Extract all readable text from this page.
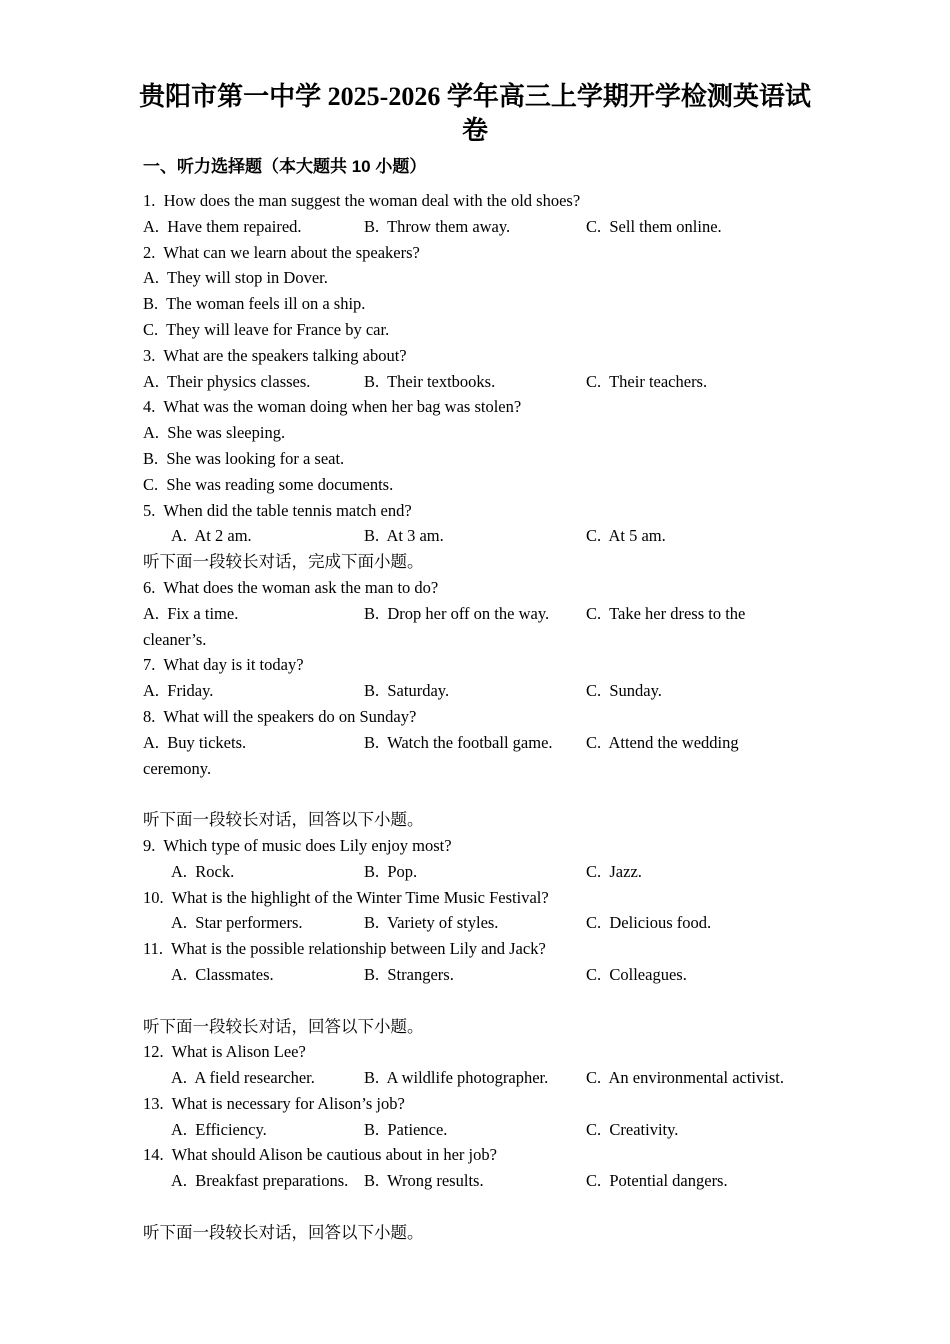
贵阳市第一中学 2025-2026 学年高三上学期开学检测英语试
卷
一、听力选择题（本大题共 10 小题）
1.  How does the man suggest the woman deal with the old shoes?
A.  Have them repaired.	B.  Throw them away.	C.  Sell them online.
2.  What can we learn about the speakers?
A.  They will stop in Dover.
B.  The woman feels ill on a ship.
C.  They will leave for France by car.
3.  What are the speakers talking about?
A.  Their physics classes.	B.  Their textbooks.	C.  Their teachers.
4.  What was the woman doing when her bag was stolen?
A.  She was sleeping.
B.  She was looking for a seat.
C.  She was reading some documents.
5.  When did the table tennis match end?
A.  At 2 am.	B.  At 3 am.	C.  At 5 am.
听下面一段较长对话，完成下面小题。
6.  What does the woman ask the man to do?
A.  Fix a time.	B.  Drop her off on the way. C.  Take her dress to the
cleaner’s.
7.  What day is it today?
A.  Friday.	B.  Saturday.	C.  Sunday.
8.  What will the speakers do on Sunday?
A.  Buy tickets.	B.  Watch the football game. C.  Attend the wedding
ceremony.
听下面一段较长对话，回答以下小题。
9.  Which type of music does Lily enjoy most?
A.  Rock.	B.  Pop.	C.  Jazz.
10.  What is the highlight of the Winter Time Music Festival?
A.  Star performers.	B.  Variety of styles.	C.  Delicious food.
11.  What is the possible relationship between Lily and Jack?
A.  Classmates.	B.  Strangers.	C.  Colleagues.
听下面一段较长对话，回答以下小题。
12.  What is Alison Lee?
A.  A field researcher.	B.  A wildlife photographer. C.  An environmental activist.
13.  What is necessary for Alison’s job?
A.  Efficiency.	B.  Patience.	C.  Creativity.
14.  What should Alison be cautious about in her job?
A.  Breakfast preparations. B.  Wrong results.	C.  Potential dangers.
听下面一段较长对话，回答以下小题。
